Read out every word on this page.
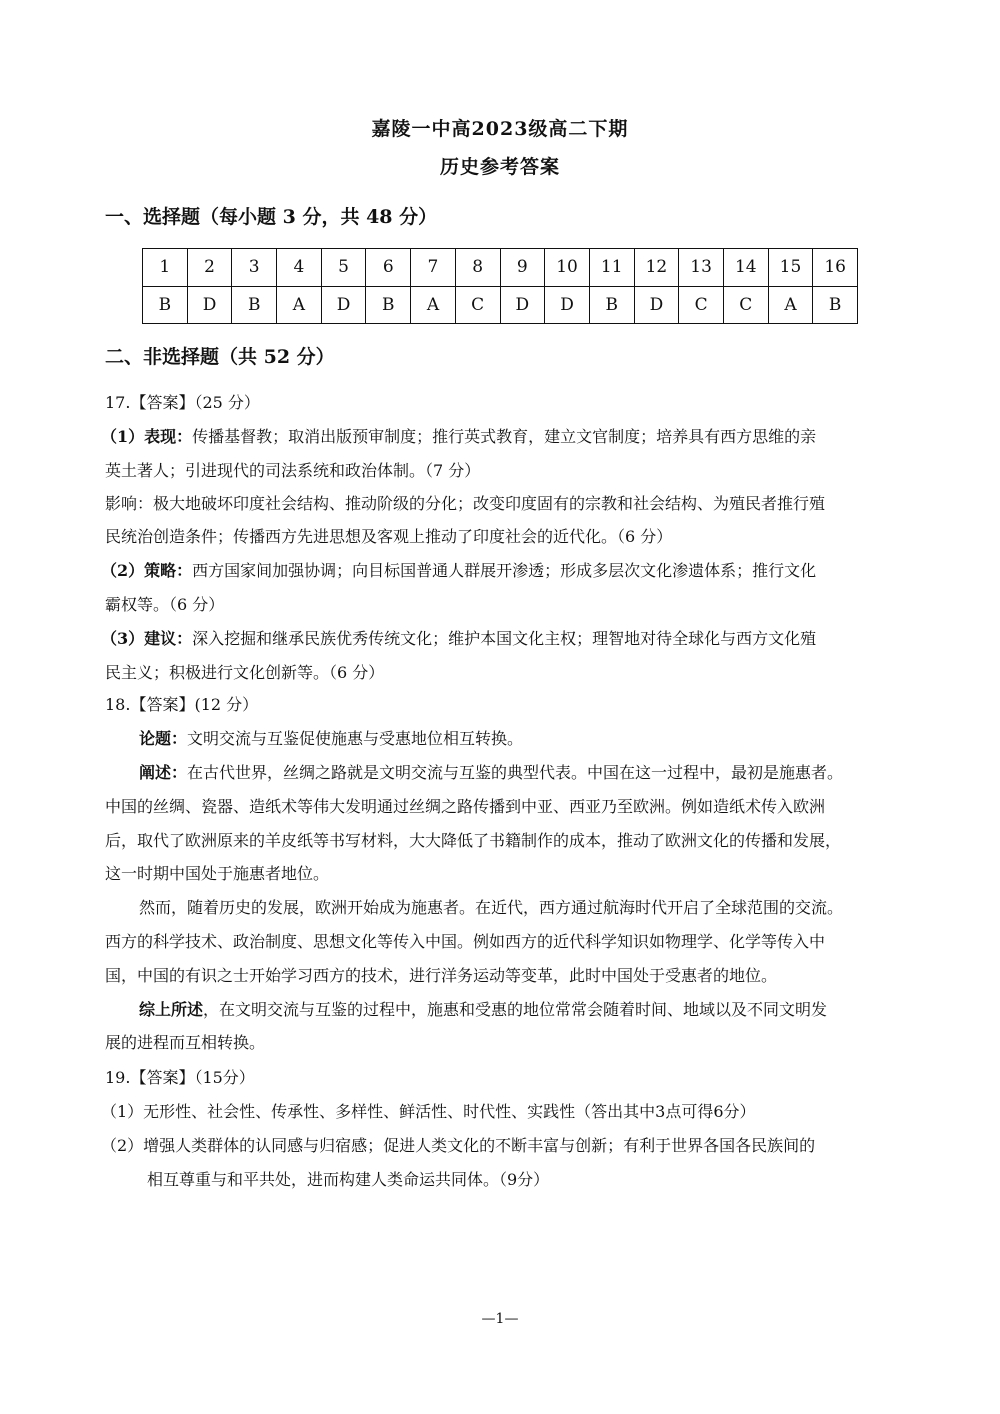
嘉陵一中高2023级高二下期
历史参考答案
一、选择题（每小题 3 分，共 48 分）
1	2	3	4	5	6	7	8	9	10	11	12	13	14	15	16
B	D	B	A	D	B	A	C	D	D	B	D	C	C	A	B
二、非选择题（共 52 分）
17.【答案】（25 分）
（1）表现：传播基督教；取消出版预审制度；推行英式教育，建立文官制度；培养具有西方思维的亲
英土著人；引进现代的司法系统和政治体制。（7 分）
影响：极大地破坏印度社会结构、推动阶级的分化；改变印度固有的宗教和社会结构、为殖民者推行殖
民统治创造条件；传播西方先进思想及客观上推动了印度社会的近代化。（6 分）
（2）策略：西方国家间加强协调；向目标国普通人群展开渗透；形成多层次文化渗遗体系；推行文化
霸权等。（6 分）
（3）建议：深入挖掘和继承民族优秀传统文化；维护本国文化主权；理智地对待全球化与西方文化殖
民主义；积极进行文化创新等。（6 分）
18.【答案】(12 分）
论题：文明交流与互鉴促使施惠与受惠地位相互转换。
阐述：在古代世界，丝绸之路就是文明交流与互鉴的典型代表。中国在这一过程中，最初是施惠者。
中国的丝绸、瓷器、造纸术等伟大发明通过丝绸之路传播到中亚、西亚乃至欧洲。例如造纸术传入欧洲
后，取代了欧洲原来的羊皮纸等书写材料，大大降低了书籍制作的成本，推动了欧洲文化的传播和发展，
这一时期中国处于施惠者地位。
然而，随着历史的发展，欧洲开始成为施惠者。在近代，西方通过航海时代开启了全球范围的交流。
西方的科学技术、政治制度、思想文化等传入中国。例如西方的近代科学知识如物理学、化学等传入中
国，中国的有识之士开始学习西方的技术，进行洋务运动等变革，此时中国处于受惠者的地位。
综上所述，在文明交流与互鉴的过程中，施惠和受惠的地位常常会随着时间、地域以及不同文明发
展的进程而互相转换。
19.【答案】（15分）
（1）无形性、社会性、传承性、多样性、鲜活性、时代性、实践性（答出其中3点可得6分）
（2）增强人类群体的认同感与归宿感；促进人类文化的不断丰富与创新；有利于世界各国各民族间的
相互尊重与和平共处，进而构建人类命运共同体。（9分）
—1—
